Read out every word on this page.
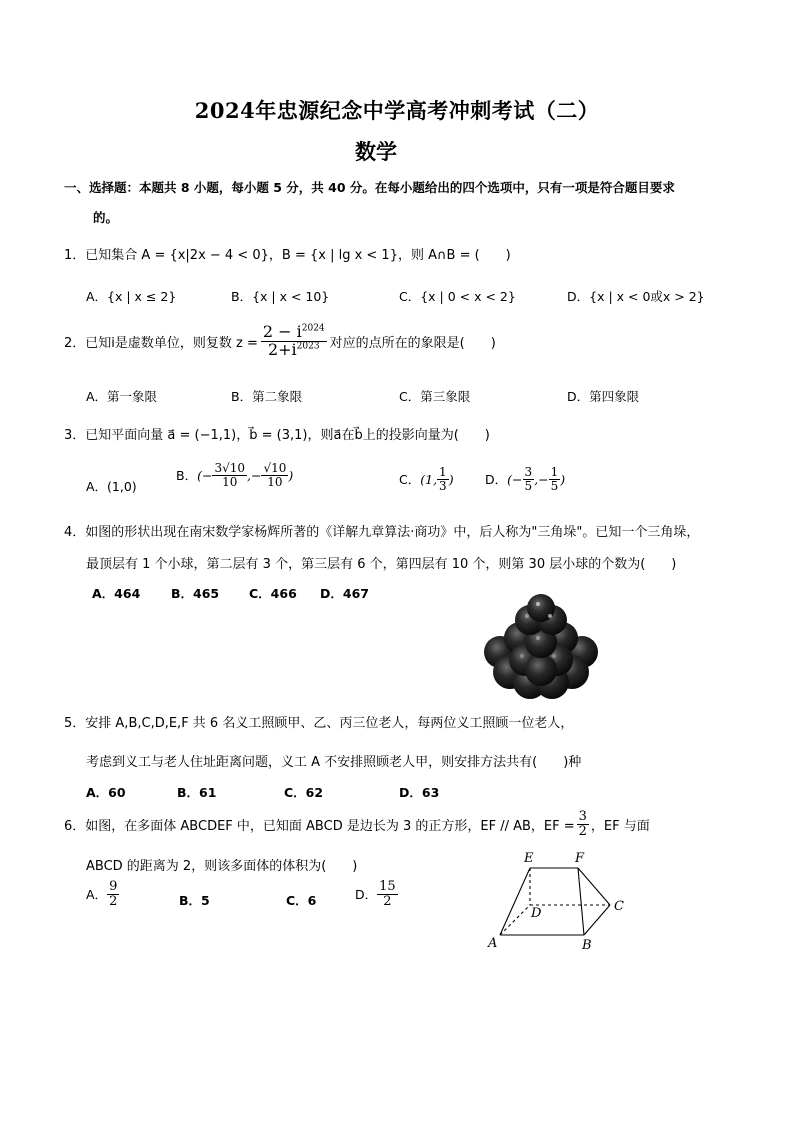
2024年忠源纪念中学高考冲刺考试（二）
数学
一、选择题：本题共 8 小题，每小题 5 分，共 40 分。在每小题给出的四个选项中，只有一项是符合题目要求
的。
1．已知集合 A = {x|2x − 4 < 0}，B = {x | lg x < 1}，则 A∩B = (　　)
A．{x | x ≤ 2}	B．{x | x < 10}	C．{x | 0 < x < 2}	D．{x | x < 0或x > 2}
2． 已知i是虚数单位，则复数 $z = \frac{2 - i^{2024}}{2+i^{2023}}$ 对应的点所在的象限是(　　)
A．第一象限	B．第二象限	C．第三象限	D．第四象限
3．已知平面向量 a⃗ = (−1,1)，b⃗ = (3,1)，则a⃗在b⃗上的投影向量为(　　)
A．(1,0)
B． (− $\frac{3√10}{10}$ ,− $\frac{√10}{10}$ )	C． (1, $\frac{1}{3}$ )	D． (− $\frac{3}{5}$ ,− $\frac{1}{5}$ )
4．如图的形状出现在南宋数学家杨辉所著的《详解九章算法·商功》中，后人称为"三角垛"。已知一个三角垛，
最顶层有 1 个小球，第二层有 3 个，第三层有 6 个，第四层有 10 个，则第 30 层小球的个数为(　　)
A．464 B．465 C．466 D．467
5．安排 A,B,C,D,E,F 共 6 名义工照顾甲、乙、丙三位老人，每两位义工照顾一位老人，
考虑到义工与老人住址距离问题，义工 A 不安排照顾老人甲，则安排方法共有(　　)种
A．60	B．61	C．62	D．63
6． 如图，在多面体 ABCDEF 中，已知面 ABCD 是边长为 3 的正方形，EF // AB，EF = $\frac{3}{2}$ ，EF 与面
ABCD 的距离为 2，则该多面体的体积为(　　)
A． $\frac{9}{2}$	B．5	C．6	D． $\frac{15}{2}$
E	F
D	C
A	B
